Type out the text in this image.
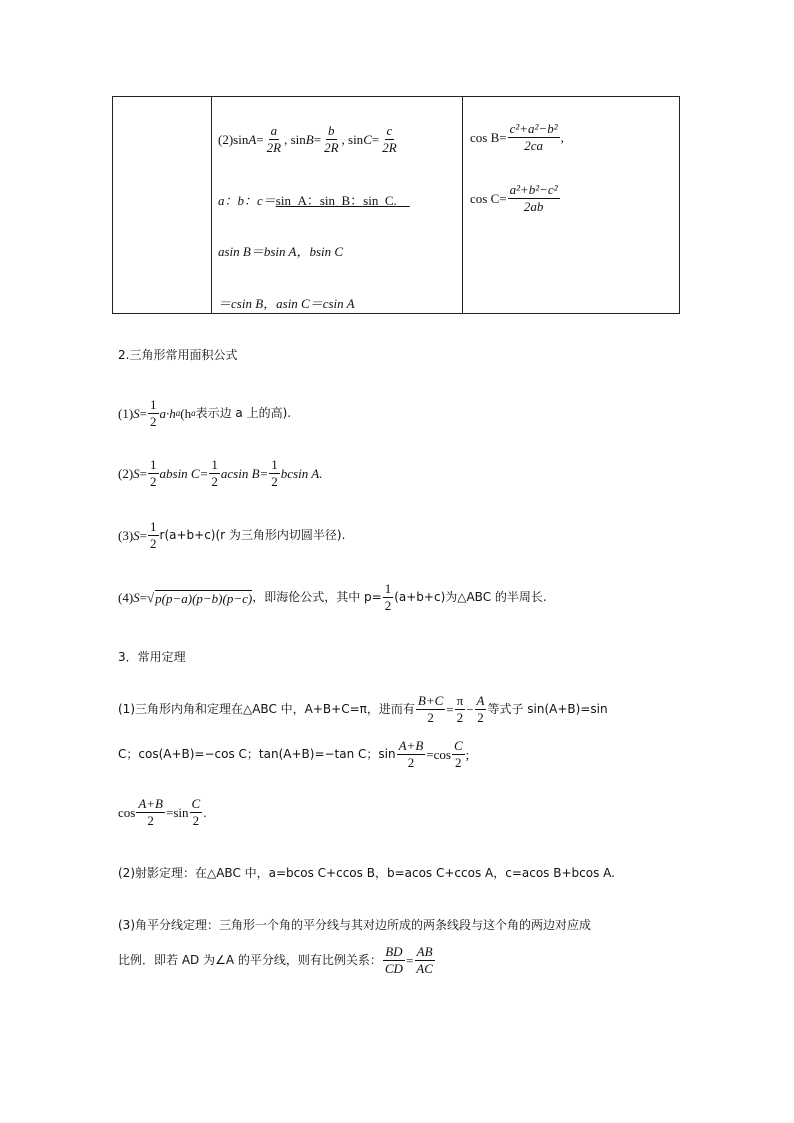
(2)sin $A = \frac{a}{2R}$ , $\sin B = \frac{b}{2R}$ , $\sin C = \frac{c}{2R}$
a：b：c＝sin_A：sin_B：sin_C.
asin B＝bsin A，bsin C
＝csin B，asin C＝csin A
$\cos B= \frac{\text{c²+a²−b²}}{2ca}$ ,
$\cos C= \frac{\text{a²+b²−c²}}{2ab}$
2.三角形常用面积公式
(1) $S = \frac{1}{2} a\cdot h$ a (h a 表示边 a 上的高).
(2) $S = \frac{1}{2}$ absin $C= \frac{1}{2}$ acsin $B= \frac{1}{2}$ bcsin A.
(3) $S = \frac{1}{2} r(a+b+c)(r$ 为三角形内切圆半径).
(4) S =√ p(p−a)(p−b)(p−c) ，即海伦公式，其中 $p= \frac{1}{2} (a+b+c)$为△ABC 的半周长.
3．常用定理
(1)三角形内角和定理在△ABC 中，A+B+C=π，进而有 $\frac{B+C}{2} = \frac{\pi}{2} - \frac{A}{2}$ 等式子 sin(A+B)=sin
C；cos(A+B)=−cos C；tan(A+B)=−tan C；$\sin \frac{A+B}{2} =\cos \frac{C}{2}$ ;
$\cos \frac{A+B}{2} =\sin \frac{C}{2}$ .
(2)射影定理：在△ABC 中，a=bcos C+ccos B，b=acos C+ccos A，c=acos B+bcos A.
(3)角平分线定理：三角形一个角的平分线与其对边所成的两条线段与这个角的两边对应成
比例．即若 AD 为∠A 的平分线，则有比例关系： $\frac{BD}{CD} = \frac{AB}{AC}$
